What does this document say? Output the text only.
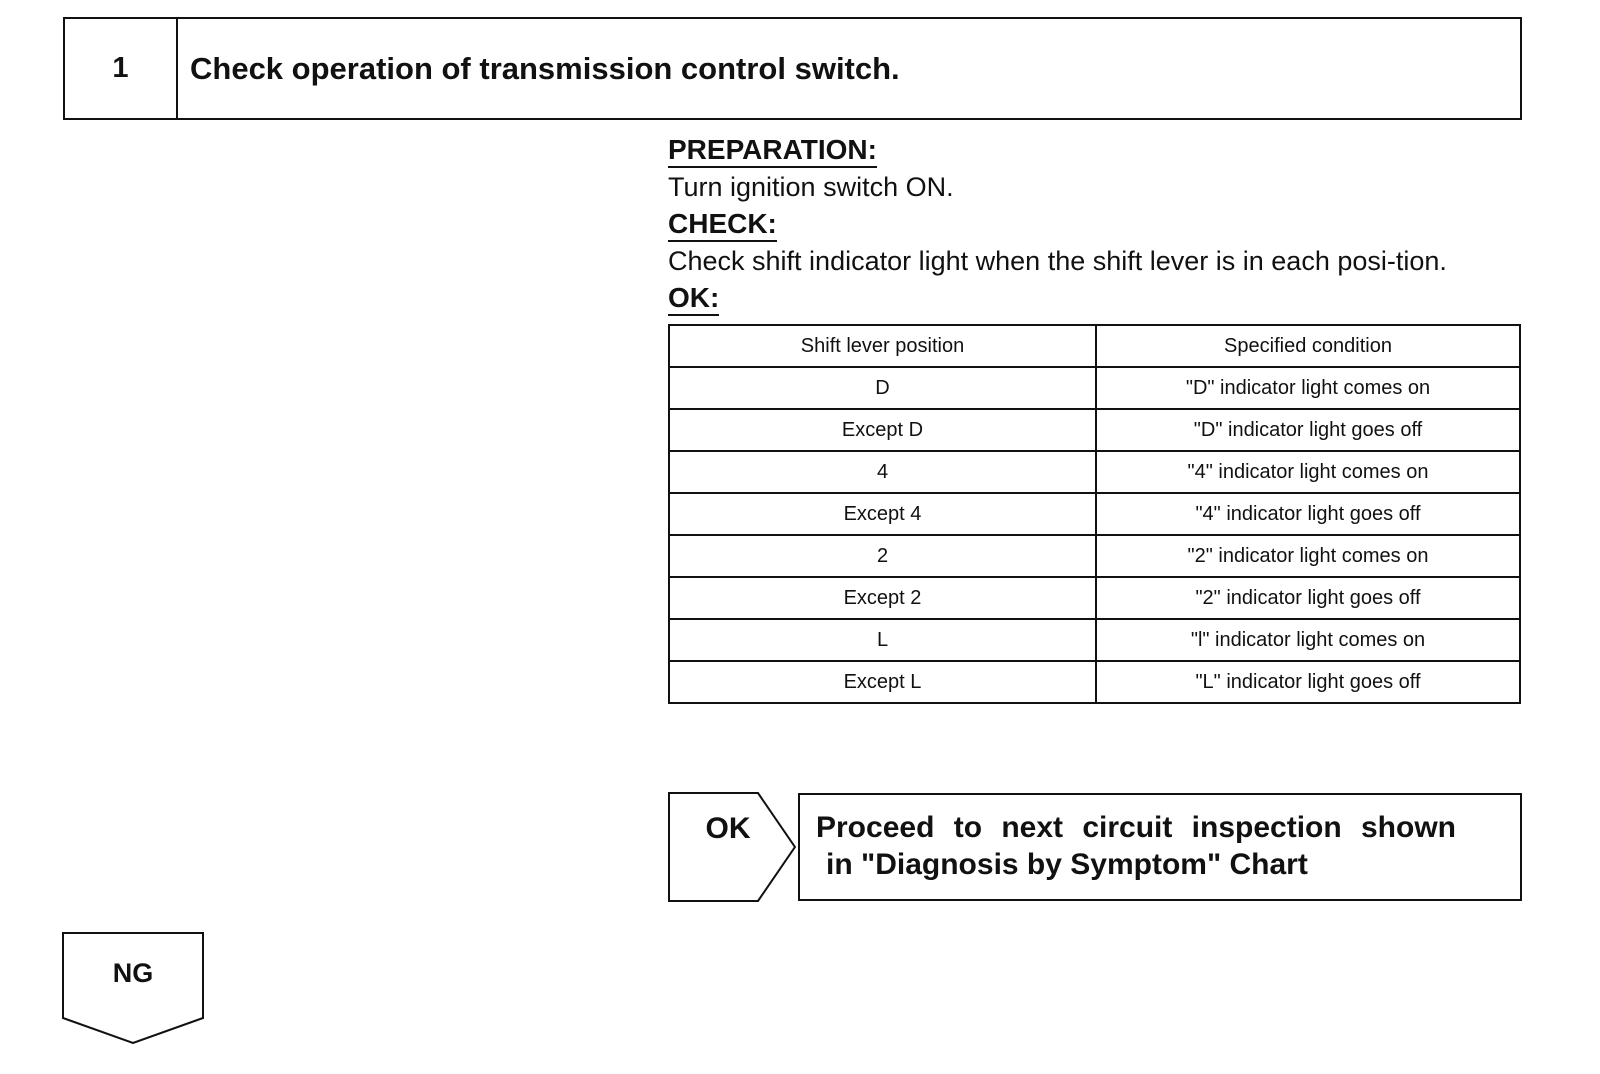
1	Check operation of transmission control switch.
PREPARATION:

Turn ignition switch ON.

CHECK:

Check shift indicator light when the shift lever is in each posi-tion.

OK:
Shift lever position	Specified condition
D	"D" indicator light comes on
Except D	"D" indicator light goes off
4	"4" indicator light comes on
Except 4	"4" indicator light goes off
2	"2" indicator light comes on
Except 2	"2" indicator light goes off
L	"l" indicator light comes on
Except L	"L" indicator light goes off
OK Proceed to next circuit inspection shown
in "Diagnosis by Symptom" Chart
NG
